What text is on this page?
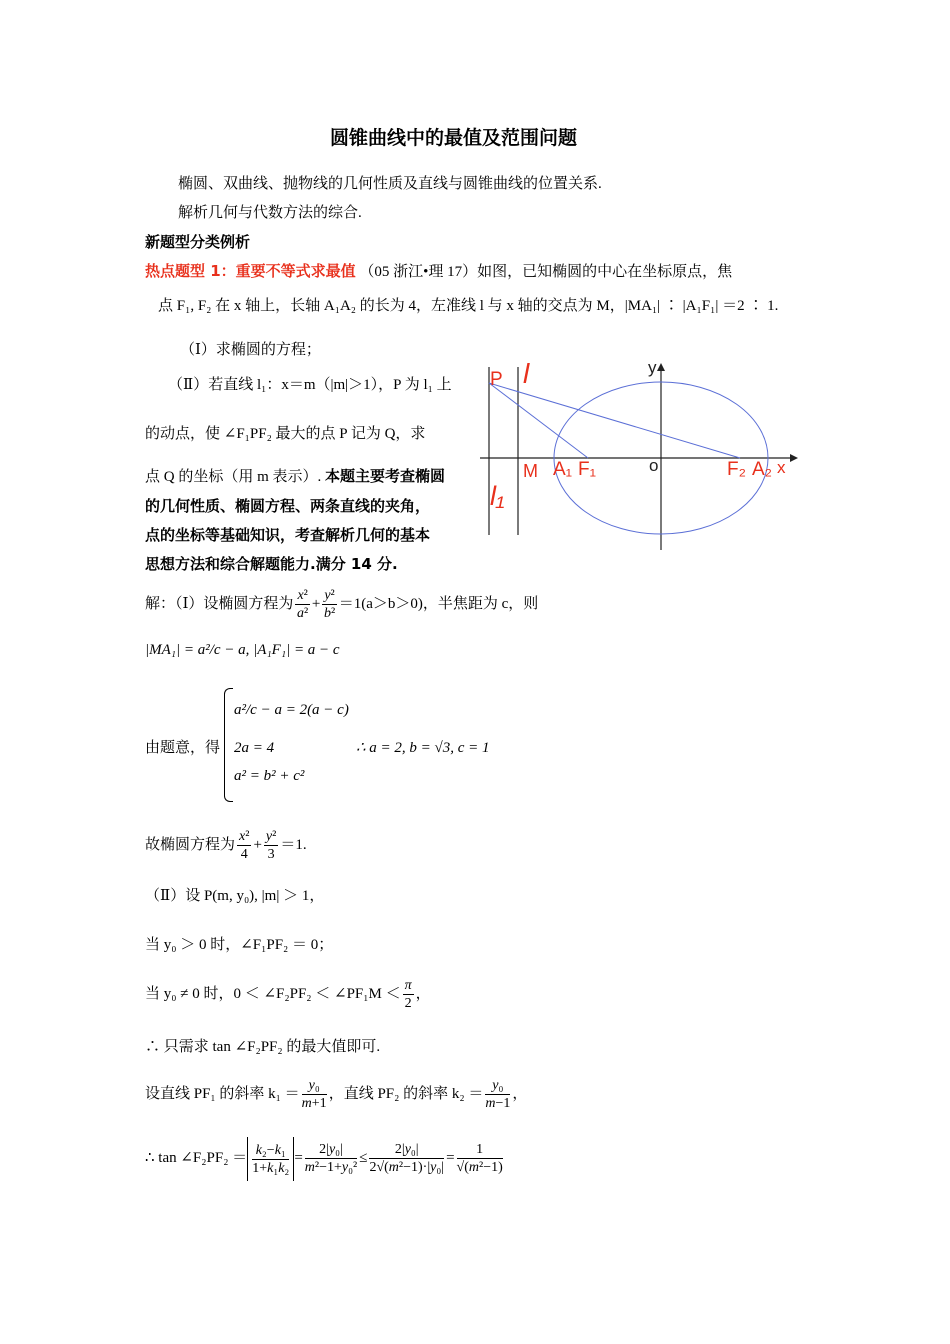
圆锥曲线中的最值及范围问题
椭圆、双曲线、抛物线的几何性质及直线与圆锥曲线的位置关系.
解析几何与代数方法的综合.
新题型分类例析
热点题型 1：重要不等式求最值 （05 浙江•理 17）如图，已知椭圆的中心在坐标原点，焦
点 F₁, F₂ 在 x 轴上，长轴 A₁A₂ 的长为 4，左准线 l 与 x 轴的交点为 M，|MA₁| ∶ |A₁F₁| ＝2 ∶ 1.
（Ⅰ）求椭圆的方程；
（Ⅱ）若直线 l₁：x＝m（|m|＞1），P 为 l₁ 上
的动点，使 ∠F₁PF₂ 最大的点 P 记为 Q，求
点 Q 的坐标（用 m 表示）. 本题主要考查椭圆
的几何性质、椭圆方程、两条直线的夹角，
点的坐标等基础知识，考查解析几何的基本
思想方法和综合解题能力.满分 14 分.
P l	y
M A₁ F₁	o	F₂ A₂ x
l₁
解：（Ⅰ）设椭圆方程为 $\frac{\text{x²}}{\text{a²}} + \frac{\text{y²}}{\text{b²}} =1(a>b>0)$，半焦距为 c，则
|MA₁| = a²/c − a, |A₁F₁| = a − c
由题意，得
a²/c − a = 2(a − c)
2a = 4
a² = b² + c²
∴ a = 2, b = √3, c = 1
故椭圆方程为 $\frac{\text{x²}}{4} + \frac{\text{y²}}{3} =1$.
（Ⅱ）设 P(m, y₀), |m| ＞ 1，
当 y₀ ＞ 0 时，∠F₁PF₂ ＝ 0；
当 y₀ ≠ 0 时，0 ＜ ∠F₂PF₂ ＜ ∠PF₁M ＜ $\frac{\pi}{2}$ ，
∴ 只需求 tan ∠F₂PF₂ 的最大值即可.
设直线 PF₁ 的斜率 $k_1 = \frac{\text{y₀}}{m+1}$ ，直线 PF₂ 的斜率 $k_2 = \frac{\text{y₀}}{m-1}$ ，
∴ tan ∠F₂PF₂ ＝ $\frac{\text{k₂−k₁}}{\text{1+k₁k₂}} = \frac{\text{2|y₀|}}{\text{m²−1+y₀²}} \le \frac{\text{2|y₀|}}{\text{2√(m²−1)·|y₀|}} = \frac{1}{\text{√(m²−1)}}$
